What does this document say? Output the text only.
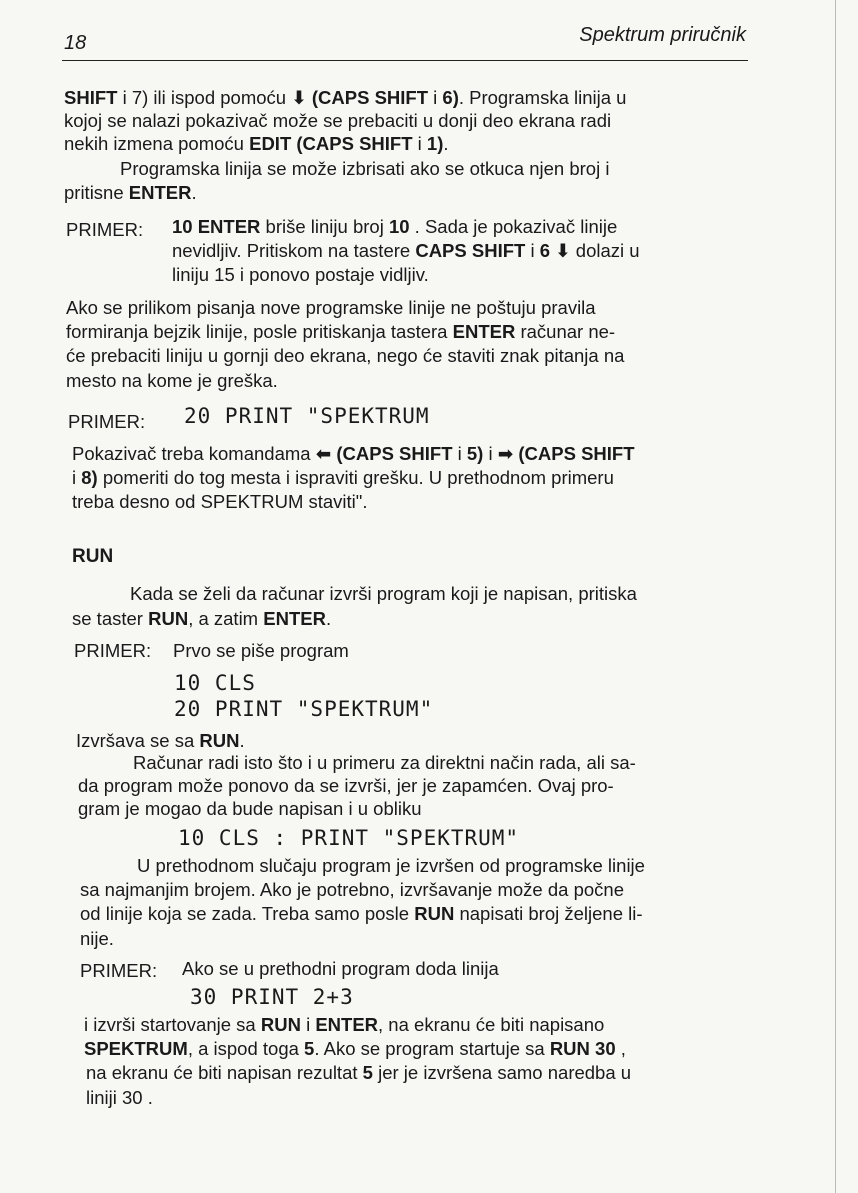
18	Spektrum priručnik
SHIFT i 7) ili ispod pomoću ⬇ (CAPS SHIFT i 6). Programska linija u
kojoj se nalazi pokazivač može se prebaciti u donji deo ekrana radi
nekih izmena pomoću EDIT (CAPS SHIFT i 1).
Programska linija se može izbrisati ako se otkuca njen broj i
pritisne ENTER.
PRIMER: 10 ENTER briše liniju broj 10 . Sada je pokazivač linije
nevidljiv. Pritiskom na tastere CAPS SHIFT i 6 ⬇ dolazi u
liniju 15 i ponovo postaje vidljiv.
Ako se prilikom pisanja nove programske linije ne poštuju pravila
formiranja bejzik linije, posle pritiskanja tastera ENTER računar ne-
će prebaciti liniju u gornji deo ekrana, nego će staviti znak pitanja na
mesto na kome je greška.
PRIMER: 20 PRINT "SPEKTRUM
Pokazivač treba komandama ⬅ (CAPS SHIFT i 5) i ➡ (CAPS SHIFT
i 8) pomeriti do tog mesta i ispraviti grešku. U prethodnom primeru
treba desno od SPEKTRUM staviti".
RUN
Kada se želi da računar izvrši program koji je napisan, pritiska
se taster RUN, a zatim ENTER.
PRIMER: Prvo se piše program
10 CLS
20 PRINT "SPEKTRUM"
Izvršava se sa RUN.
Računar radi isto što i u primeru za direktni način rada, ali sa-
da program može ponovo da se izvrši, jer je zapamćen. Ovaj pro-
gram je mogao da bude napisan i u obliku
10 CLS : PRINT "SPEKTRUM"
U prethodnom slučaju program je izvršen od programske linije
sa najmanjim brojem. Ako je potrebno, izvršavanje može da počne
od linije koja se zada. Treba samo posle RUN napisati broj željene li-
nije.
PRIMER: Ako se u prethodni program doda linija
30 PRINT 2+3
i izvrši startovanje sa RUN i ENTER, na ekranu će biti napisano
SPEKTRUM, a ispod toga 5. Ako se program startuje sa RUN 30 ,
na ekranu će biti napisan rezultat 5 jer je izvršena samo naredba u
liniji 30 .
